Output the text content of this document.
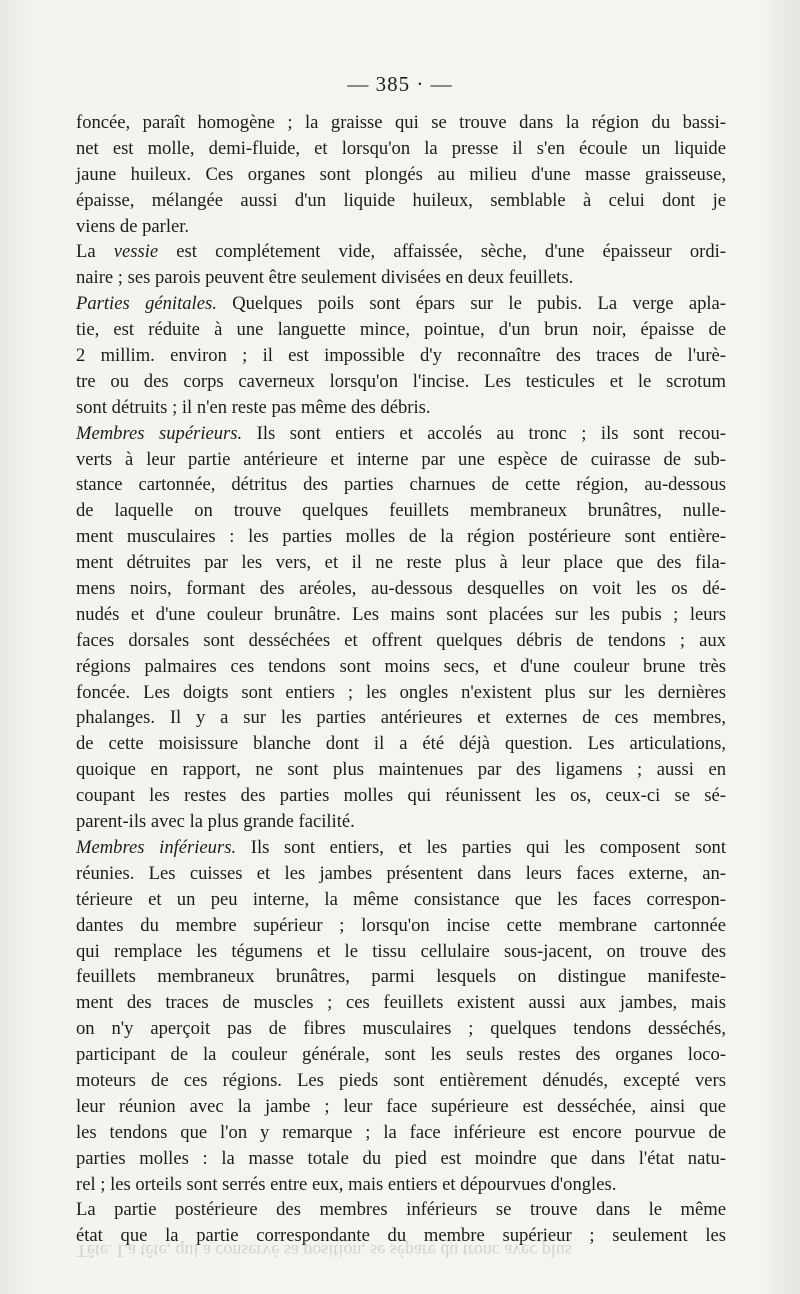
— 385 · —
foncée, paraît homogène ; la graisse qui se trouve dans la région du bassi-
net est molle, demi-fluide, et lorsqu'on la presse il s'en écoule un liquide
jaune huileux. Ces organes sont plongés au milieu d'une masse graisseuse,
épaisse, mélangée aussi d'un liquide huileux, semblable à celui dont je
viens de parler.
La vessie est complétement vide, affaissée, sèche, d'une épaisseur ordi-
naire ; ses parois peuvent être seulement divisées en deux feuillets.
Parties génitales. Quelques poils sont épars sur le pubis. La verge apla-
tie, est réduite à une languette mince, pointue, d'un brun noir, épaisse de
2 millim. environ ; il est impossible d'y reconnaître des traces de l'urè-
tre ou des corps caverneux lorsqu'on l'incise. Les testicules et le scrotum
sont détruits ; il n'en reste pas même des débris.
Membres supérieurs. Ils sont entiers et accolés au tronc ; ils sont recou-
verts à leur partie antérieure et interne par une espèce de cuirasse de sub-
stance cartonnée, détritus des parties charnues de cette région, au-dessous
de laquelle on trouve quelques feuillets membraneux brunâtres, nulle-
ment musculaires : les parties molles de la région postérieure sont entière-
ment détruites par les vers, et il ne reste plus à leur place que des fila-
mens noirs, formant des aréoles, au-dessous desquelles on voit les os dé-
nudés et d'une couleur brunâtre. Les mains sont placées sur les pubis ; leurs
faces dorsales sont desséchées et offrent quelques débris de tendons ; aux
régions palmaires ces tendons sont moins secs, et d'une couleur brune très
foncée. Les doigts sont entiers ; les ongles n'existent plus sur les dernières
phalanges. Il y a sur les parties antérieures et externes de ces membres,
de cette moisissure blanche dont il a été déjà question. Les articulations,
quoique en rapport, ne sont plus maintenues par des ligamens ; aussi en
coupant les restes des parties molles qui réunissent les os, ceux-ci se sé-
parent-ils avec la plus grande facilité.
Membres inférieurs. Ils sont entiers, et les parties qui les composent sont
réunies. Les cuisses et les jambes présentent dans leurs faces externe, an-
térieure et un peu interne, la même consistance que les faces correspon-
dantes du membre supérieur ; lorsqu'on incise cette membrane cartonnée
qui remplace les tégumens et le tissu cellulaire sous-jacent, on trouve des
feuillets membraneux brunâtres, parmi lesquels on distingue manifeste-
ment des traces de muscles ; ces feuillets existent aussi aux jambes, mais
on n'y aperçoit pas de fibres musculaires ; quelques tendons desséchés,
participant de la couleur générale, sont les seuls restes des organes loco-
moteurs de ces régions. Les pieds sont entièrement dénudés, excepté vers
leur réunion avec la jambe ; leur face supérieure est desséchée, ainsi que
les tendons que l'on y remarque ; la face inférieure est encore pourvue de
parties molles : la masse totale du pied est moindre que dans l'état natu-
rel ; les orteils sont serrés entre eux, mais entiers et dépourvues d'ongles.
La partie postérieure des membres inférieurs se trouve dans le même
état que la partie correspondante du membre supérieur ; seulement les
Tête. La tête, qui a conservé sa position, se sépare du tronc avec plus
